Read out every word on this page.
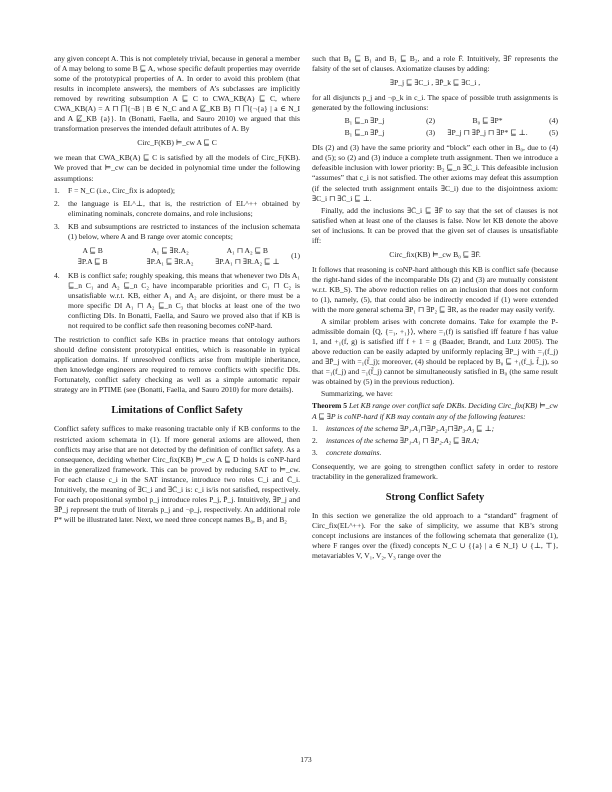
any given concept A. This is not completely trivial, because in general a member of A may belong to some B ⊑ A, whose specific default properties may override some of the prototypical properties of A. In order to avoid this problem (that results in incomplete answers), the members of A’s subclasses are implicitly removed by rewriting subsumption A ⊑ C to CWA_KB(A) ⊑ C, where CWA_KB(A) = A ⊓ ⨅{¬B | B ∈ N_C and A ⋢_KB B} ⊓ ⨅{¬{a} | a ∈ N_I and A ⋢_KB {a}}. In (Bonatti, Faella, and Sauro 2010) we argued that this transformation preserves the intended default attributes of A. By

Circ_F(KB) ⊨_cw A ⊑ C

we mean that CWA_KB(A) ⊑ C is satisfied by all the models of Circ_F(KB). We proved that ⊨_cw can be decided in polynomial time under the following assumptions:

1.	F = N_C (i.e., Circ_fix is adopted);
2.	the language is EL^⊥, that is, the restriction of EL^++ obtained by eliminating nominals, concrete domains, and role inclusions;
3.	KB and subsumptions are restricted to instances of the inclusion schemata (1) below, where A and B range over atomic concepts;
A ⊑ B	A₁ ⊑ ∃R.A₂	A₁ ⊓ A₂ ⊑ B
(1)
∃P.A ⊑ B	∃P.A₁ ⊑ ∃R.A₂	∃P.A₁ ⊓ ∃R.A₂ ⊑ ⊥
4.	KB is conflict safe; roughly speaking, this means that whenever two DIs A₁ ⊑_n C₁ and A₂ ⊑_n C₂ have incomparable priorities and C₁ ⊓ C₂ is unsatisfiable w.r.t. KB, either A₁ and A₂ are disjoint, or there must be a more specific DI A₁ ⊓ A₂ ⊑_n C₃ that blocks at least one of the two conflicting DIs. In Bonatti, Faella, and Sauro we proved also that if KB is not required to be conflict safe then reasoning becomes coNP-hard.

The restriction to conflict safe KBs in practice means that ontology authors should define consistent prototypical entities, which is reasonable in typical application domains. If unresolved conflicts arise from multiple inheritance, then knowledge engineers are required to remove conflicts with specific DIs. Fortunately, conflict safety checking as well as a simple automatic repair strategy are in PTIME (see (Bonatti, Faella, and Sauro 2010) for more details).

Limitations of Conflict Safety

Conflict safety suffices to make reasoning tractable only if KB conforms to the restricted axiom schemata in (1). If more general axioms are allowed, then conflicts may arise that are not detected by the definition of conflict safety. As a consequence, deciding whether Circ_fix(KB) ⊨_cw A ⊑ D holds is coNP-hard in the generalized framework. This can be proved by reducing SAT to ⊨_cw. For each clause c_i in the SAT instance, introduce two roles C_i and C̄_i. Intuitively, the meaning of ∃C_i and ∃C̄_i is: c_i is/is not satisfied, respectively. For each propositional symbol p_j introduce roles P_j, P̄_j. Intuitively, ∃P_j and ∃P̄_j represent the truth of literals p_j and ¬p_j, respectively. An additional role P* will be illustrated later. Next, we need three concept names B₀, B₁ and B₂

such that B₀ ⊑ B₁ and B₁ ⊑ B₂, and a role F̄. Intuitively, ∃F̄ represents the falsity of the set of clauses. Axiomatize clauses by adding:

∃P_j ⊑ ∃C_i , ∃P̄_k ⊑ ∃C_i ,

for all disjuncts p_j and ¬p_k in c_i. The space of possible truth assignments is generated by the following inclusions:

B₁ ⊑_n ∃P_j	(2)	B₀ ⊑ ∃P*	(4)
B₁ ⊑_n ∃P̄_j	(3)	∃P_j ⊓ ∃P̄_j ⊓ ∃P* ⊑ ⊥.	(5)

DIs (2) and (3) have the same priority and “block” each other in B₀, due to (4) and (5); so (2) and (3) induce a complete truth assignment. Then we introduce a defeasible inclusion with lower priority: B₂ ⊑_n ∃C̄_i. This defeasible inclusion “assumes” that c_i is not satisfied. The other axioms may defeat this assumption (if the selected truth assignment entails ∃C_i) due to the disjointness axiom: ∃C_i ⊓ ∃C̄_i ⊑ ⊥.

Finally, add the inclusions ∃C̄_i ⊑ ∃F̄ to say that the set of clauses is not satisfied when at least one of the clauses is false. Now let KB denote the above set of inclusions. It can be proved that the given set of clauses is unsatisfiable iff:

Circ_fix(KB) ⊨_cw B₀ ⊑ ∃F̄.

It follows that reasoning is coNP-hard although this KB is conflict safe (because the right-hand sides of the incomparable DIs (2) and (3) are mutually consistent w.r.t. KB_S). The above reduction relies on an inclusion that does not conform to (1), namely, (5), that could also be indirectly encoded if (1) were extended with the more general schema ∃P₁ ⊓ ∃P₂ ⊑ ∃R, as the reader may easily verify.

A similar problem arises with concrete domains. Take for example the P-admissible domain ⟨Q, {=₁, +₁}⟩, where =₁(f) is satisfied iff feature f has value 1, and +₁(f, g) is satisfied iff f + 1 = g (Baader, Brandt, and Lutz 2005). The above reduction can be easily adapted by uniformly replacing ∃P_j with =₁(f_j) and ∃P̄_j with =₁(f̄_j); moreover, (4) should be replaced by B₀ ⊑ +₁(f_j, f̄_j), so that =₁(f_j) and =₁(f̄_j) cannot be simultaneously satisfied in B₀ (the same result was obtained by (5) in the previous reduction).

Summarizing, we have:

Theorem 5 Let KB range over conflict safe DKBs. Deciding Circ_fix(KB) ⊨_cw A ⊑ ∃P is coNP-hard if KB may contain any of the following features:

1.	instances of the schema ∃P₁.A₁⊓∃P₂.A₂⊓∃P₃.A₃ ⊑ ⊥;
2.	instances of the schema ∃P₁.A₁ ⊓ ∃P₂.A₂ ⊑ ∃R.A;
3.	concrete domains.

Consequently, we are going to strengthen conflict safety in order to restore tractability in the generalized framework.

Strong Conflict Safety

In this section we generalize the old approach to a “standard” fragment of Circ_fix(EL^++). For the sake of simplicity, we assume that KB’s strong concept inclusions are instances of the following schemata that generalize (1), where F ranges over the (fixed) concepts N_C ∪ {{a} | a ∈ N_I} ∪ {⊥, ⊤}, metavariables V, V₁, V₂, V₃ range over the

173
